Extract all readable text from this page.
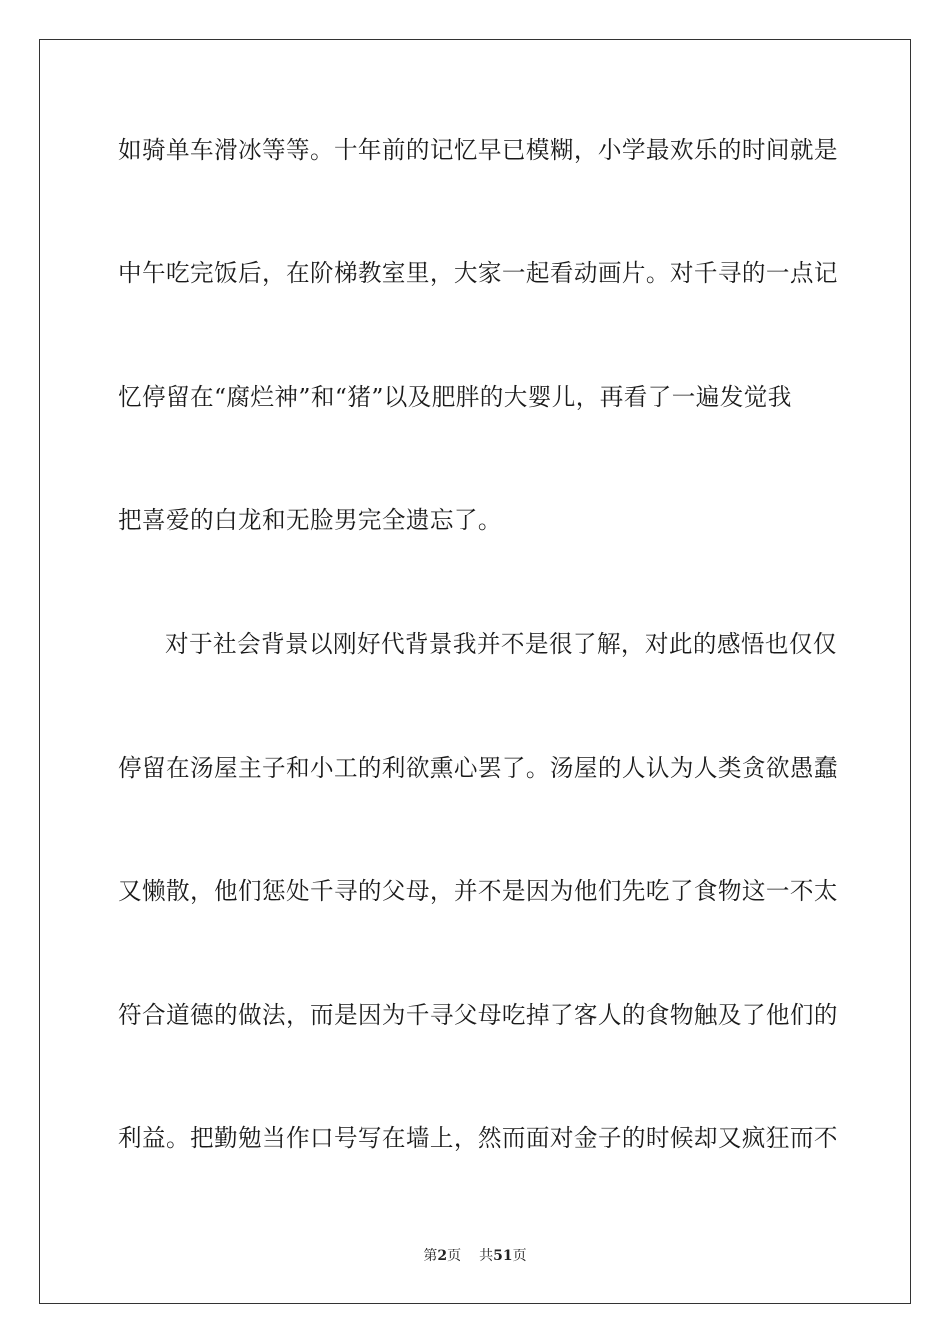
如骑单车滑冰等等。十年前的记忆早已模糊，小学最欢乐的时间就是
中午吃完饭后，在阶梯教室里，大家一起看动画片。对千寻的一点记
忆停留在“腐烂神”和“猪”以及肥胖的大婴儿，再看了一遍发觉我
把喜爱的白龙和无脸男完全遗忘了。
对于社会背景以刚好代背景我并不是很了解，对此的感悟也仅仅
停留在汤屋主子和小工的利欲熏心罢了。汤屋的人认为人类贪欲愚蠢
又懒散，他们惩处千寻的父母，并不是因为他们先吃了食物这一不太
符合道德的做法，而是因为千寻父母吃掉了客人的食物触及了他们的
利益。把勤勉当作口号写在墙上，然而面对金子的时候却又疯狂而不
第2页 共51页
